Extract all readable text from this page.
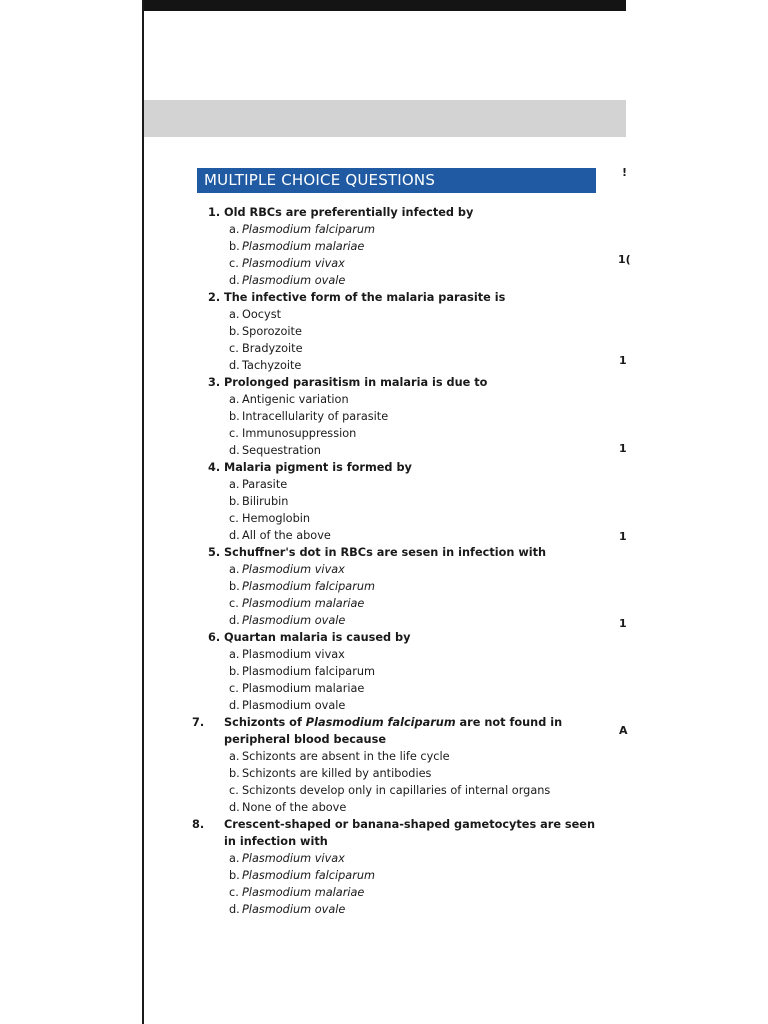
MULTIPLE CHOICE QUESTIONS

1. Old RBCs are preferentially infected by

a. Plasmodium falciparum

b. Plasmodium malariae

c. Plasmodium vivax

d. Plasmodium ovale

2. The infective form of the malaria parasite is

a. Oocyst

b. Sporozoite

c. Bradyzoite

d. Tachyzoite

3. Prolonged parasitism in malaria is due to

a. Antigenic variation

b. Intracellularity of parasite

c. Immunosuppression

d. Sequestration

4. Malaria pigment is formed by

a. Parasite

b. Bilirubin

c. Hemoglobin

d. All of the above

5. Schuffner's dot in RBCs are sesen in infection with

a. Plasmodium vivax

b. Plasmodium falciparum

c. Plasmodium malariae

d. Plasmodium ovale

6. Quartan malaria is caused by

a. Plasmodium vivax

b. Plasmodium falciparum

c. Plasmodium malariae

d. Plasmodium ovale

7. Schizonts of Plasmodium falciparum are not found in peripheral blood because

a. Schizonts are absent in the life cycle

b. Schizonts are killed by antibodies

c. Schizonts develop only in capillaries of internal organs

d. None of the above

8. Crescent-shaped or banana-shaped gametocytes are seen in infection with

a. Plasmodium vivax

b. Plasmodium falciparum

c. Plasmodium malariae

d. Plasmodium ovale

!
1(
1
1
1
1
A
